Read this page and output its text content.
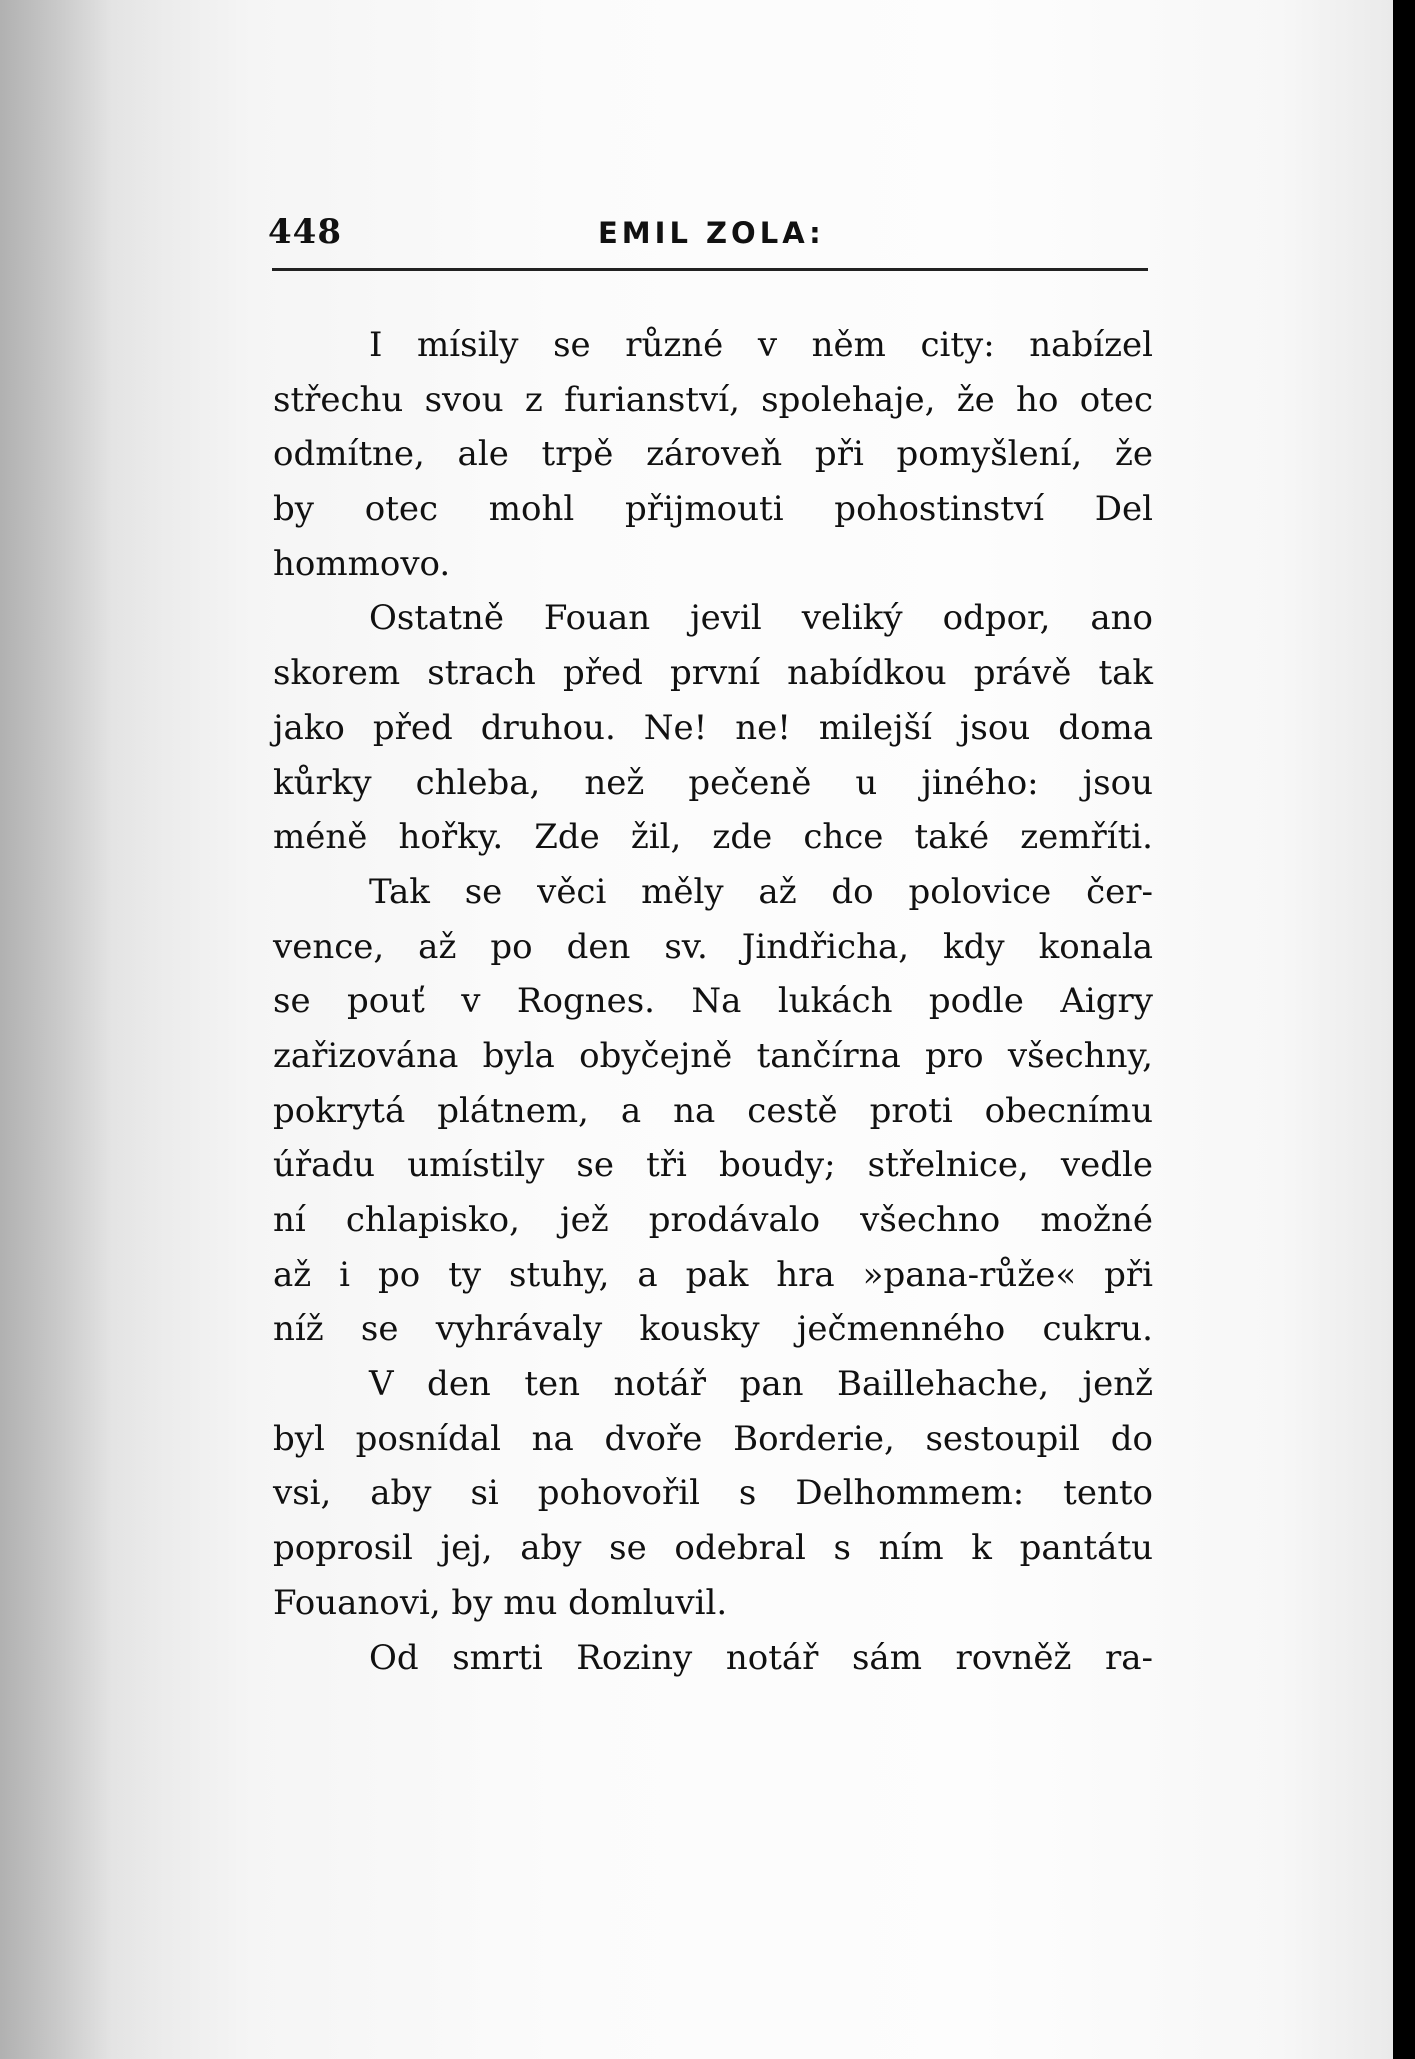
448	EMIL ZOLA:
I mísily se různé v něm city: nabízel
střechu svou z furianství, spolehaje, že ho otec
odmítne, ale trpě zároveň při pomyšlení, že
by otec mohl přijmouti pohostinství Del
hommovo.
Ostatně Fouan jevil veliký odpor, ano
skorem strach před první nabídkou právě tak
jako před druhou. Ne! ne! milejší jsou doma
kůrky chleba, než pečeně u jiného: jsou
méně hořky. Zde žil, zde chce také zemříti.
Tak se věci měly až do polovice čer-
vence, až po den sv. Jindřicha, kdy konala
se pouť v Rognes. Na lukách podle Aigry
zařizována byla obyčejně tančírna pro všechny,
pokrytá plátnem, a na cestě proti obecnímu
úřadu umístily se tři boudy; střelnice, vedle
ní chlapisko, jež prodávalo všechno možné
až i po ty stuhy, a pak hra »pana-růže« při
níž se vyhrávaly kousky ječmenného cukru.
V den ten notář pan Baillehache, jenž
byl posnídal na dvoře Borderie, sestoupil do
vsi, aby si pohovořil s Delhommem: tento
poprosil jej, aby se odebral s ním k pantátu
Fouanovi, by mu domluvil.
Od smrti Roziny notář sám rovněž ra-
